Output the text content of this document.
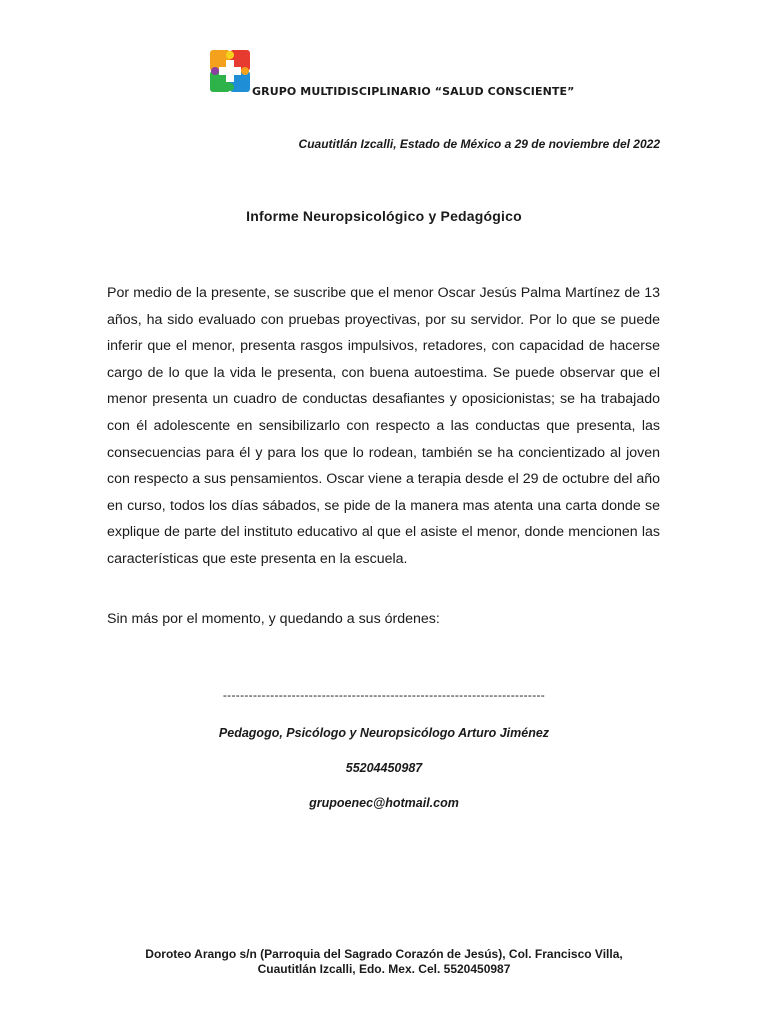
GRUPO MULTIDISCIPLINARIO “SALUD CONSCIENTE”
Cuautitlán Izcalli, Estado de México a 29 de noviembre del 2022
Informe Neuropsicológico y Pedagógico

Por medio de la presente, se suscribe que el menor Oscar Jesús Palma Martínez de 13 años, ha sido evaluado con pruebas proyectivas, por su servidor. Por lo que se puede inferir que el menor, presenta rasgos impulsivos, retadores, con capacidad de hacerse cargo de lo que la vida le presenta, con buena autoestima. Se puede observar que el menor presenta un cuadro de conductas desafiantes y oposicionistas; se ha trabajado con él adolescente en sensibilizarlo con respecto a las conductas que presenta, las consecuencias para él y para los que lo rodean, también se ha concientizado al joven con respecto a sus pensamientos. Oscar viene a terapia desde el 29 de octubre del año en curso, todos los días sábados, se pide de la manera mas atenta una carta donde se explique de parte del instituto educativo al que el asiste el menor, donde mencionen las características que este presenta en la escuela.

Sin más por el momento, y quedando a sus órdenes:

---------------------------------------------------------------------------
Pedagogo, Psicólogo y Neuropsicólogo Arturo Jiménez
55204450987
grupoenec@hotmail.com
Doroteo Arango s/n (Parroquia del Sagrado Corazón de Jesús), Col. Francisco Villa,
Cuautitlán Izcalli, Edo. Mex. Cel. 5520450987
